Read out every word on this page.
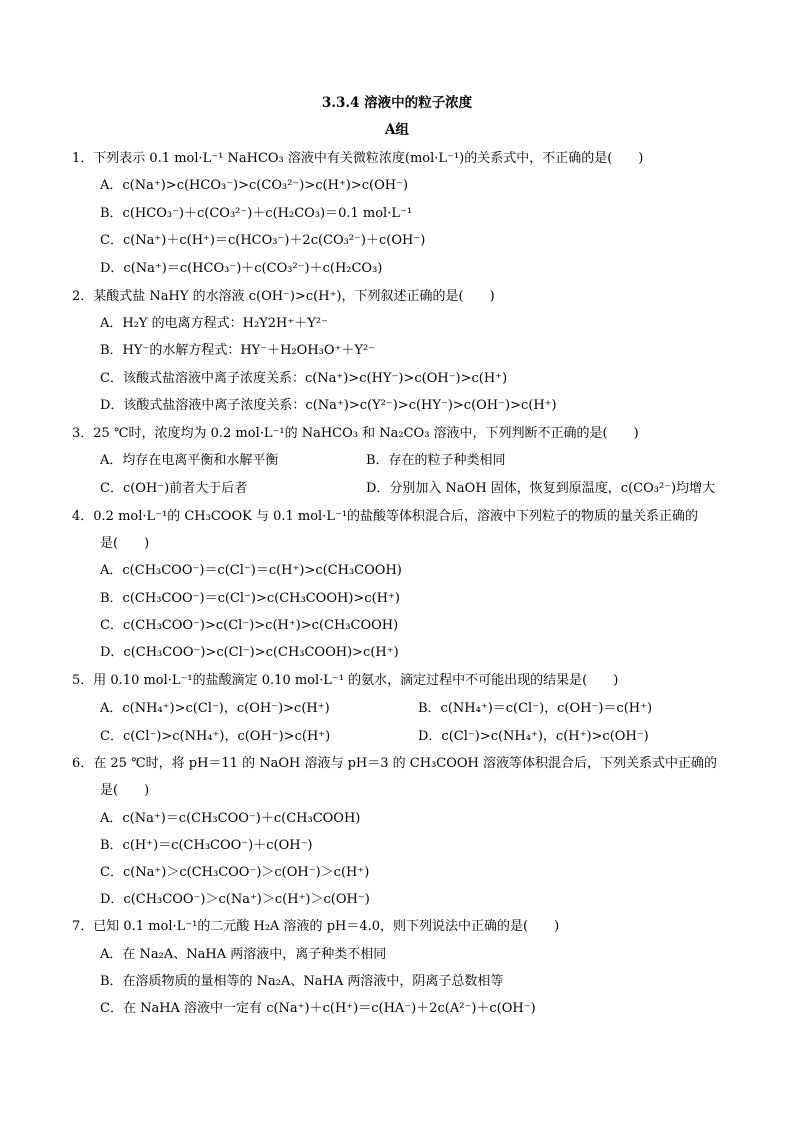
3.3.4 溶液中的粒子浓度
A组
1．下列表示 0.1 mol·L⁻¹ NaHCO₃ 溶液中有关微粒浓度(mol·L⁻¹)的关系式中，不正确的是(　　)
A．c(Na⁺)>c(HCO₃⁻)>c(CO₃²⁻)>c(H⁺)>c(OH⁻)
B．c(HCO₃⁻)＋c(CO₃²⁻)＋c(H₂CO₃)＝0.1 mol·L⁻¹
C．c(Na⁺)＋c(H⁺)＝c(HCO₃⁻)＋2c(CO₃²⁻)＋c(OH⁻)
D．c(Na⁺)＝c(HCO₃⁻)＋c(CO₃²⁻)＋c(H₂CO₃)
2．某酸式盐 NaHY 的水溶液 c(OH⁻)>c(H⁺)，下列叙述正确的是(　　)
A．H₂Y 的电离方程式：H₂Y2H⁺＋Y²⁻
B．HY⁻的水解方程式：HY⁻＋H₂OH₃O⁺＋Y²⁻
C．该酸式盐溶液中离子浓度关系：c(Na⁺)>c(HY⁻)>c(OH⁻)>c(H⁺)
D．该酸式盐溶液中离子浓度关系：c(Na⁺)>c(Y²⁻)>c(HY⁻)>c(OH⁻)>c(H⁺)
3．25 ℃时，浓度均为 0.2 mol·L⁻¹的 NaHCO₃ 和 Na₂CO₃ 溶液中，下列判断不正确的是(　　)
A．均存在电离平衡和水解平衡	B．存在的粒子种类相同
C．c(OH⁻)前者大于后者	D．分别加入 NaOH 固体，恢复到原温度，c(CO₃²⁻)均增大
4．0.2 mol·L⁻¹的 CH₃COOK 与 0.1 mol·L⁻¹的盐酸等体积混合后，溶液中下列粒子的物质的量关系正确的
是(　　)
A．c(CH₃COO⁻)＝c(Cl⁻)＝c(H⁺)>c(CH₃COOH)
B．c(CH₃COO⁻)＝c(Cl⁻)>c(CH₃COOH)>c(H⁺)
C．c(CH₃COO⁻)>c(Cl⁻)>c(H⁺)>c(CH₃COOH)
D．c(CH₃COO⁻)>c(Cl⁻)>c(CH₃COOH)>c(H⁺)
5．用 0.10 mol·L⁻¹的盐酸滴定 0.10 mol·L⁻¹ 的氨水，滴定过程中不可能出现的结果是(　　)
A．c(NH₄⁺)>c(Cl⁻)，c(OH⁻)>c(H⁺)	B．c(NH₄⁺)＝c(Cl⁻)，c(OH⁻)＝c(H⁺)
C．c(Cl⁻)>c(NH₄⁺)，c(OH⁻)>c(H⁺)	D．c(Cl⁻)>c(NH₄⁺)，c(H⁺)>c(OH⁻)
6．在 25 ℃时，将 pH＝11 的 NaOH 溶液与 pH＝3 的 CH₃COOH 溶液等体积混合后，下列关系式中正确的
是(　　)
A．c(Na⁺)＝c(CH₃COO⁻)＋c(CH₃COOH)
B．c(H⁺)＝c(CH₃COO⁻)＋c(OH⁻)
C．c(Na⁺)＞c(CH₃COO⁻)＞c(OH⁻)＞c(H⁺)
D．c(CH₃COO⁻)＞c(Na⁺)＞c(H⁺)＞c(OH⁻)
7．已知 0.1 mol·L⁻¹的二元酸 H₂A 溶液的 pH＝4.0，则下列说法中正确的是(　　)
A．在 Na₂A、NaHA 两溶液中，离子种类不相同
B．在溶质物质的量相等的 Na₂A、NaHA 两溶液中，阴离子总数相等
C．在 NaHA 溶液中一定有 c(Na⁺)＋c(H⁺)＝c(HA⁻)＋2c(A²⁻)＋c(OH⁻)
